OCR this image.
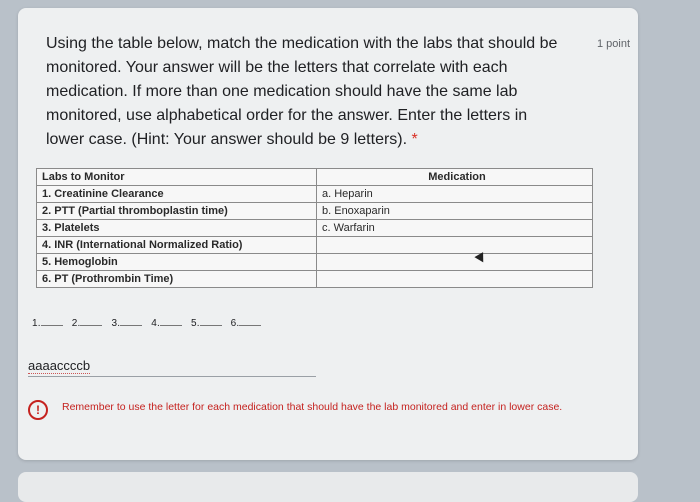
Using the table below, match the medication with the labs that should be monitored. Your answer will be the letters that correlate with each medication. If more than one medication should have the same lab monitored, use alphabetical order for the answer. Enter the letters in lower case. (Hint: Your answer should be 9 letters). *
1 point
Labs to Monitor	Medication
1. Creatinine Clearance	a. Heparin
2. PTT (Partial thromboplastin time)	b. Enoxaparin
3. Platelets	c. Warfarin
4. INR (International Normalized Ratio)	
5. Hemoglobin	
6. PT (Prothrombin Time)	
1.	2.	3.	4.	5.	6.
aaaaccccb
!	Remember to use the letter for each medication that should have the lab monitored and enter in lower case.
